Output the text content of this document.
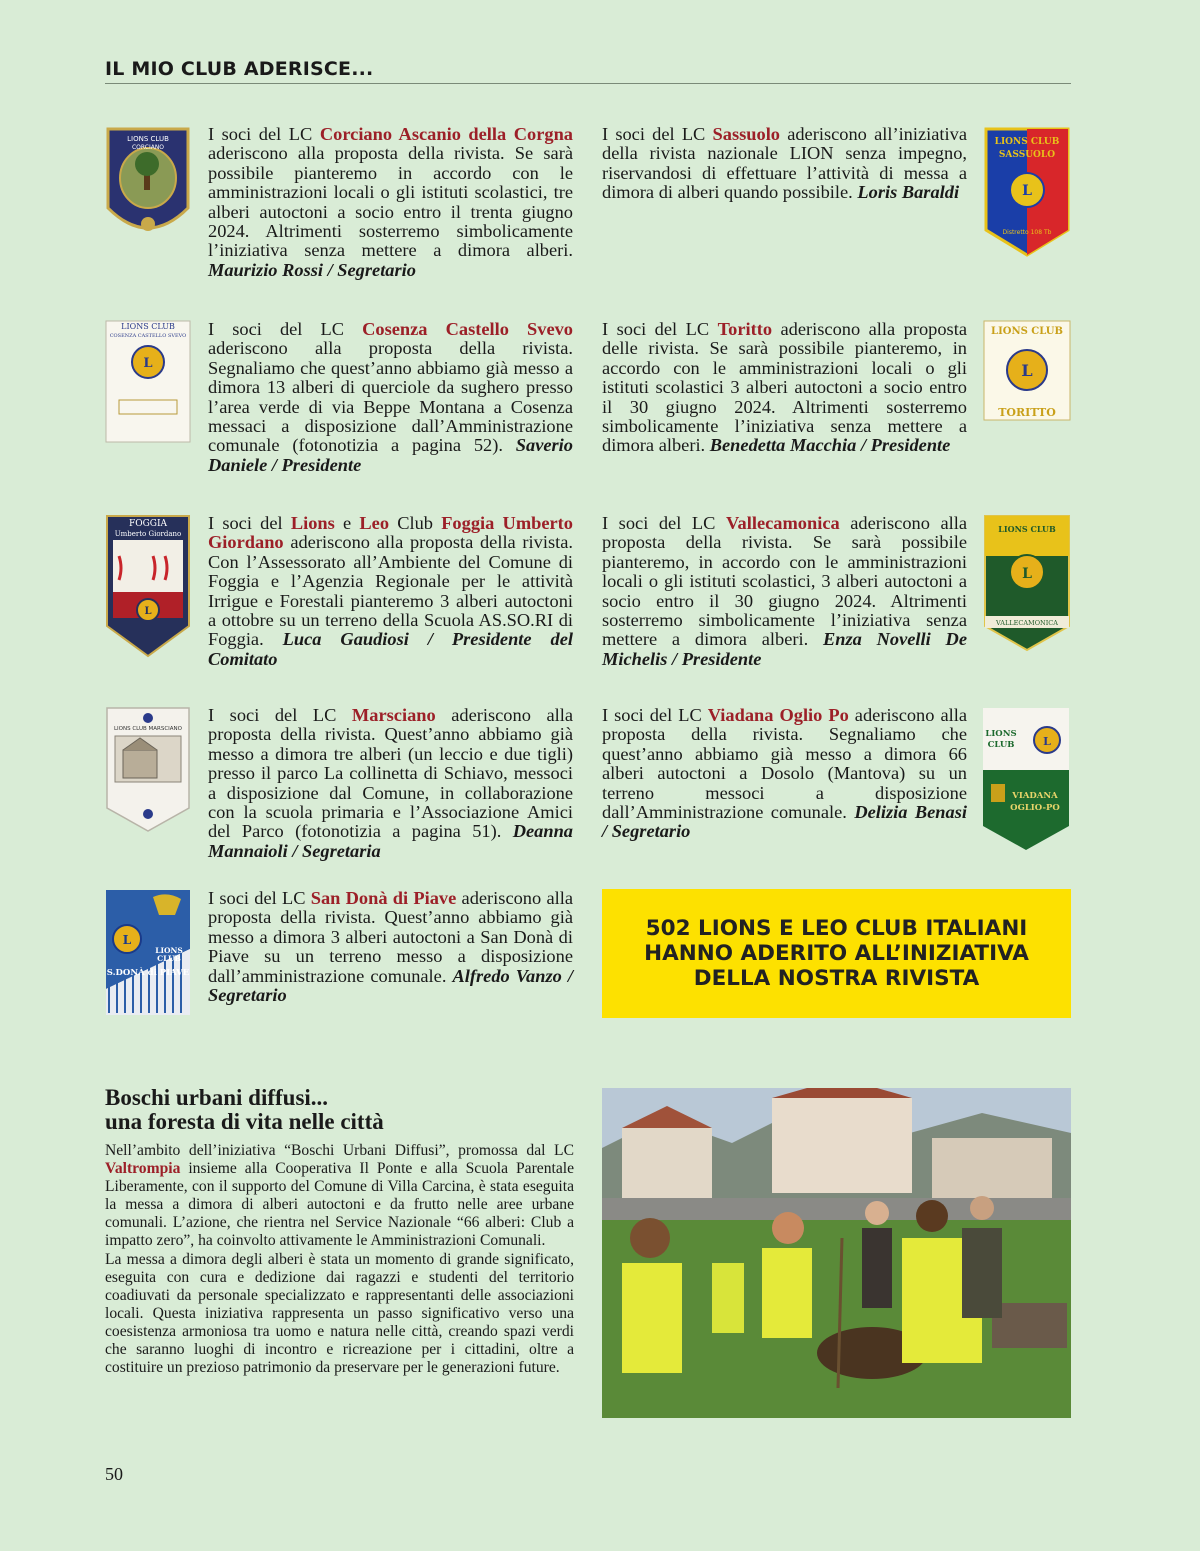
IL MIO CLUB ADERISCE...
LIONS CLUB
CORCIANO

I soci del LC Corciano Ascanio della Corgna aderiscono alla proposta della rivista. Se sarà possibile pianteremo in accordo con le amministrazioni locali o gli istituti scolastici, tre alberi autoctoni a socio entro il trenta giugno 2024. Altrimenti sosterremo simbolicamente l’iniziativa senza mettere a dimora alberi. Maurizio Rossi / Segretario

L
LIONS CLUB
SASSUOLO
Distretto 108 Tb

I soci del LC Sassuolo aderiscono all’iniziativa della rivista nazionale LION senza impegno, riservandosi di effettuare l’attività di messa a dimora di alberi quando possibile. Loris Baraldi

L
LIONS CLUB
COSENZA CASTELLO SVEVO I soci del LC Cosenza Castello Svevo aderiscono alla proposta della rivista. Segnaliamo che quest’anno abbiamo già messo a dimora 13 alberi di querciole da sughero presso l’area verde di via Beppe Montana a Cosenza messaci a disposizione dall’Amministrazione comunale (fotonotizia a pagina 52). Saverio Daniele / Presidente

L
LIONS CLUB
TORITTO

I soci del LC Toritto aderiscono alla proposta delle rivista. Se sarà possibile pianteremo, in accordo con le amministrazioni locali o gli istituti scolastici 3 alberi autoctoni a socio entro il 30 giugno 2024. Altrimenti sosterremo simbolicamente l’iniziativa senza mettere a dimora alberi. Benedetta Macchia / Presidente

L
FOGGIA
Umberto Giordano

I soci del Lions e Leo Club Foggia Umberto Giordano aderiscono alla proposta della rivista. Con l’Assessorato all’Ambiente del Comune di Foggia e l’Agenzia Regionale per le attività Irrigue e Forestali pianteremo 3 alberi autoctoni a ottobre su un terreno della Scuola AS.SO.RI di Foggia. Luca Gaudiosi / Presidente del Comitato

L
LIONS CLUB
VALLECAMONICA

I soci del LC Vallecamonica aderiscono alla proposta della rivista. Se sarà possibile pianteremo, in accordo con le amministrazioni locali o gli istituti scolastici, 3 alberi autoctoni a socio entro il 30 giugno 2024. Altrimenti sosterremo simbolicamente l’iniziativa senza mettere a dimora alberi. Enza Novelli De Michelis / Presidente

LIONS CLUB MARSCIANO

I soci del LC Marsciano aderiscono alla proposta della rivista. Quest’anno abbiamo già messo a dimora tre alberi (un leccio e due tigli) presso il parco La collinetta di Schiavo, messoci a disposizione dal Comune, in collaborazione con la scuola primaria e l’Associazione Amici del Parco (fotonotizia a pagina 51). Deanna Mannaioli / Segretaria

L
LIONS
CLUB
VIADANA
OGLIO-PO

I soci del LC Viadana Oglio Po aderiscono alla proposta della rivista. Segnaliamo che quest’anno abbiamo già messo a dimora 66 alberi autoctoni a Dosolo (Mantova) su un terreno messoci a disposizione dall’Amministrazione comunale. Delizia Benasi / Segretario

L
LIONS
CLUB
S.DONÀ di PIAVE

I soci del LC San Donà di Piave aderiscono alla proposta della rivista. Quest’anno abbiamo già messo a dimora 3 alberi autoctoni a San Donà di Piave su un terreno messo a disposizione dall’amministrazione comunale. Alfredo Vanzo / Segretario

502 LIONS E LEO CLUB ITALIANI
HANNO ADERITO ALL’INIZIATIVA
DELLA NOSTRA RIVISTA
Boschi urbani diffusi...
una foresta di vita nelle città

Nell’ambito dell’iniziativa “Boschi Urbani Diffusi”, promossa dal LC Valtrompia insieme alla Cooperativa Il Ponte e alla Scuola Parentale Liberamente, con il supporto del Comune di Villa Carcina, è stata eseguita la messa a dimora di alberi autoctoni e da frutto nelle aree urbane comunali. L’azione, che rientra nel Service Nazionale “66 alberi: Club a impatto zero”, ha coinvolto attivamente le Amministrazioni Comunali.

La messa a dimora degli alberi è stata un momento di grande significato, eseguita con cura e dedizione dai ragazzi e studenti del territorio coadiuvati da personale specializzato e rappresentanti delle associazioni locali. Questa iniziativa rappresenta un passo significativo verso una coesistenza armoniosa tra uomo e natura nelle città, creando spazi verdi che saranno luoghi di incontro e ricreazione per i cittadini, oltre a costituire un prezioso patrimonio da preservare per le generazioni future.

50
